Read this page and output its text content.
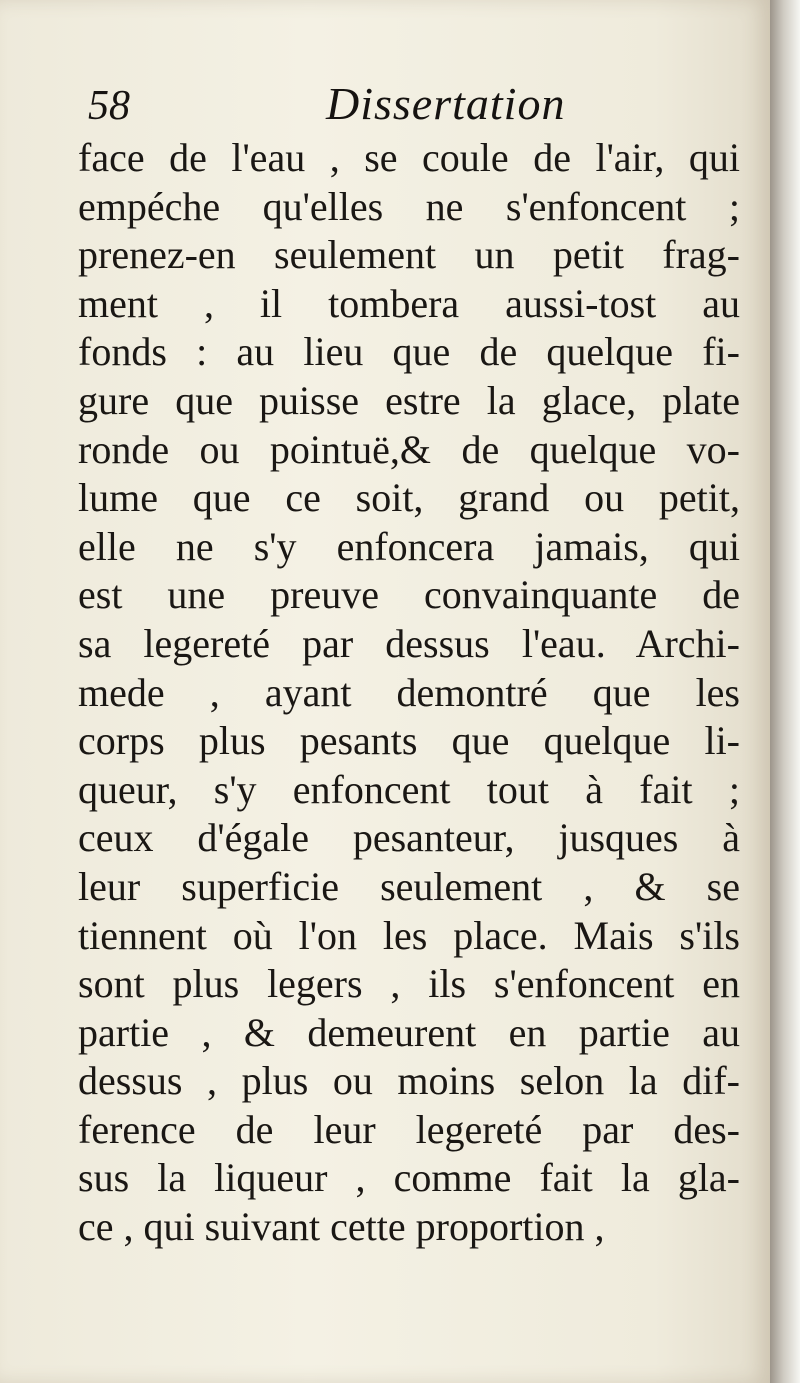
58	Dissertation
face de l'eau , se coule de l'air, qui
empéche qu'elles ne s'enfoncent ;
prenez-en seulement un petit frag-
ment , il tombera aussi-tost au
fonds : au lieu que de quelque fi-
gure que puisse estre la glace, plate
ronde ou pointuë,& de quelque vo-
lume que ce soit, grand ou petit,
elle ne s'y enfoncera jamais, qui
est une preuve convainquante de
sa legereté par dessus l'eau. Archi-
mede , ayant demontré que les
corps plus pesants que quelque li-
queur, s'y enfoncent tout à fait ;
ceux d'égale pesanteur, jusques à
leur superficie seulement , & se
tiennent où l'on les place. Mais s'ils
sont plus legers , ils s'enfoncent en
partie , & demeurent en partie au
dessus , plus ou moins selon la dif-
ference de leur legereté par des-
sus la liqueur , comme fait la gla-
ce , qui suivant cette proportion ,
